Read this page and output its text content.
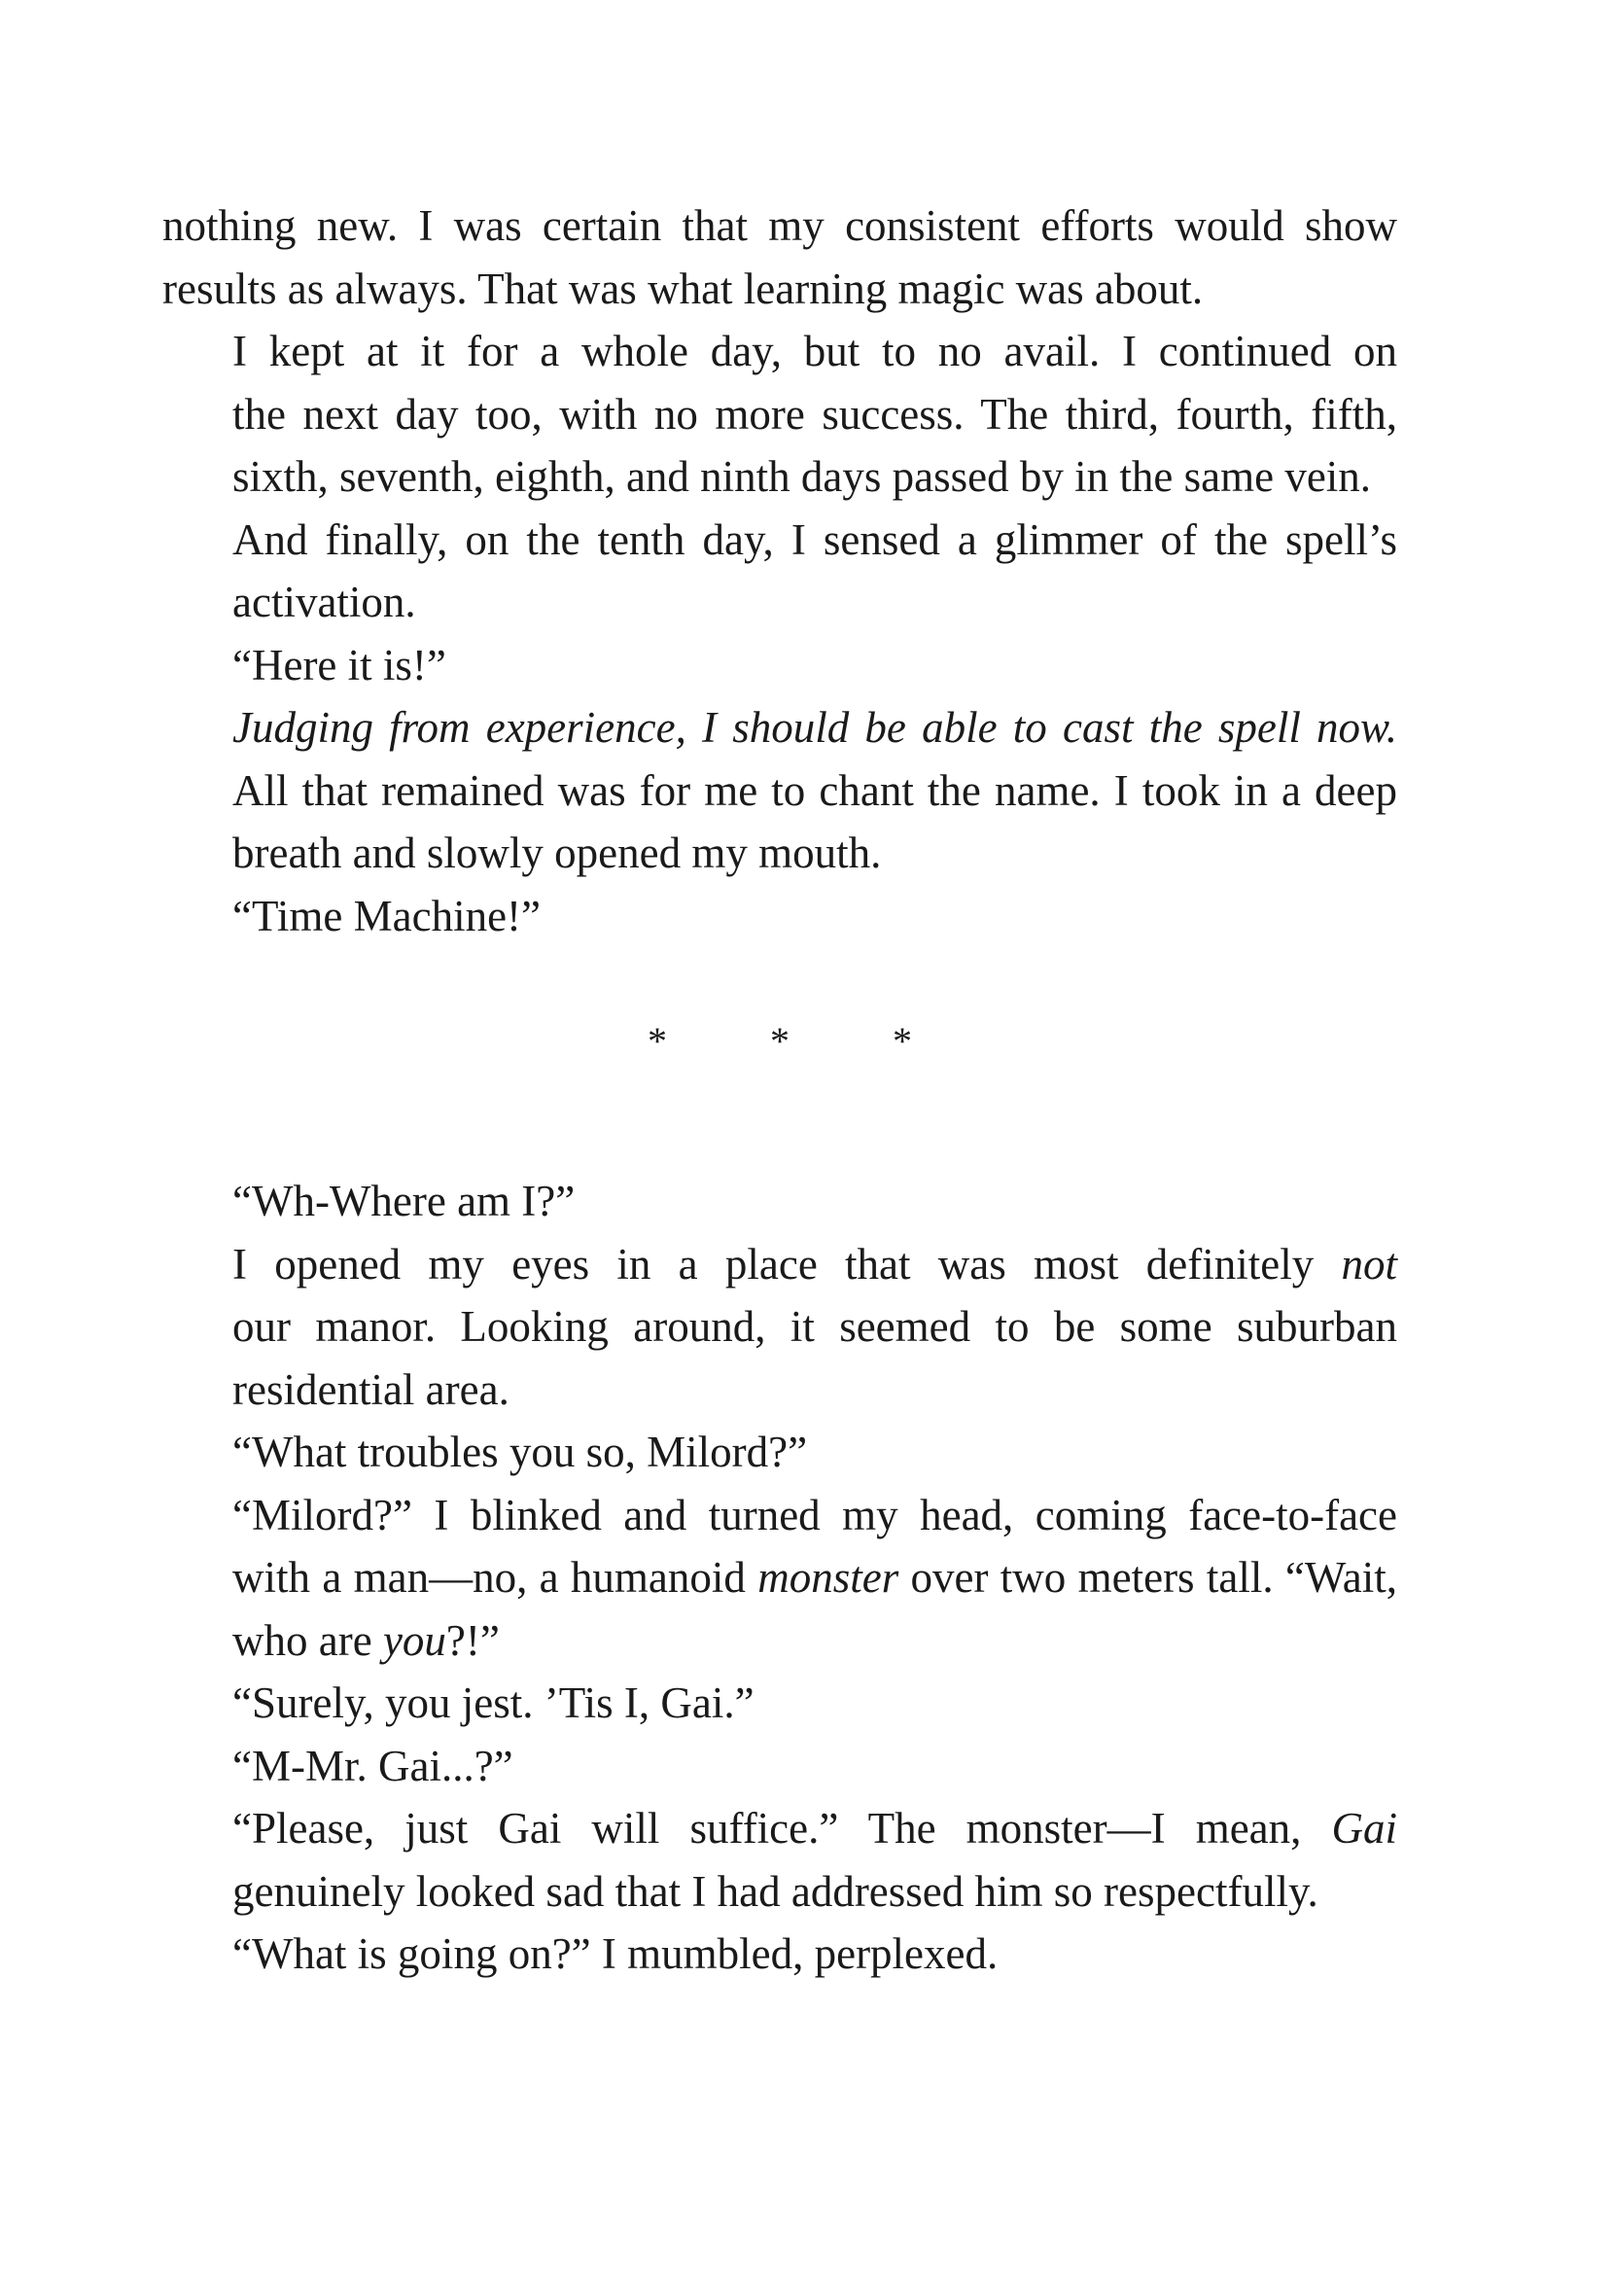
nothing new. I was certain that my consistent efforts would show
results as always. That was what learning magic was about.

I kept at it for a whole day, but to no avail. I continued on
the next day too, with no more success. The third, fourth, fifth,
sixth, seventh, eighth, and ninth days passed by in the same vein.

And finally, on the tenth day, I sensed a glimmer of the spell’s
activation.

“Here it is!”

Judging from experience, I should be able to cast the spell now.
All that remained was for me to chant the name. I took in a deep
breath and slowly opened my mouth.

“Time Machine!”

* * *

“Wh-Where am I?”

I opened my eyes in a place that was most definitely not
our manor. Looking around, it seemed to be some suburban
residential area.

“What troubles you so, Milord?”

“Milord?” I blinked and turned my head, coming face-to-face
with a man—no, a humanoid monster over two meters tall. “Wait,
who are you?!”

“Surely, you jest. ’Tis I, Gai.”

“M-Mr. Gai...?”

“Please, just Gai will suffice.” The monster—I mean, Gai
genuinely looked sad that I had addressed him so respectfully.

“What is going on?” I mumbled, perplexed.
